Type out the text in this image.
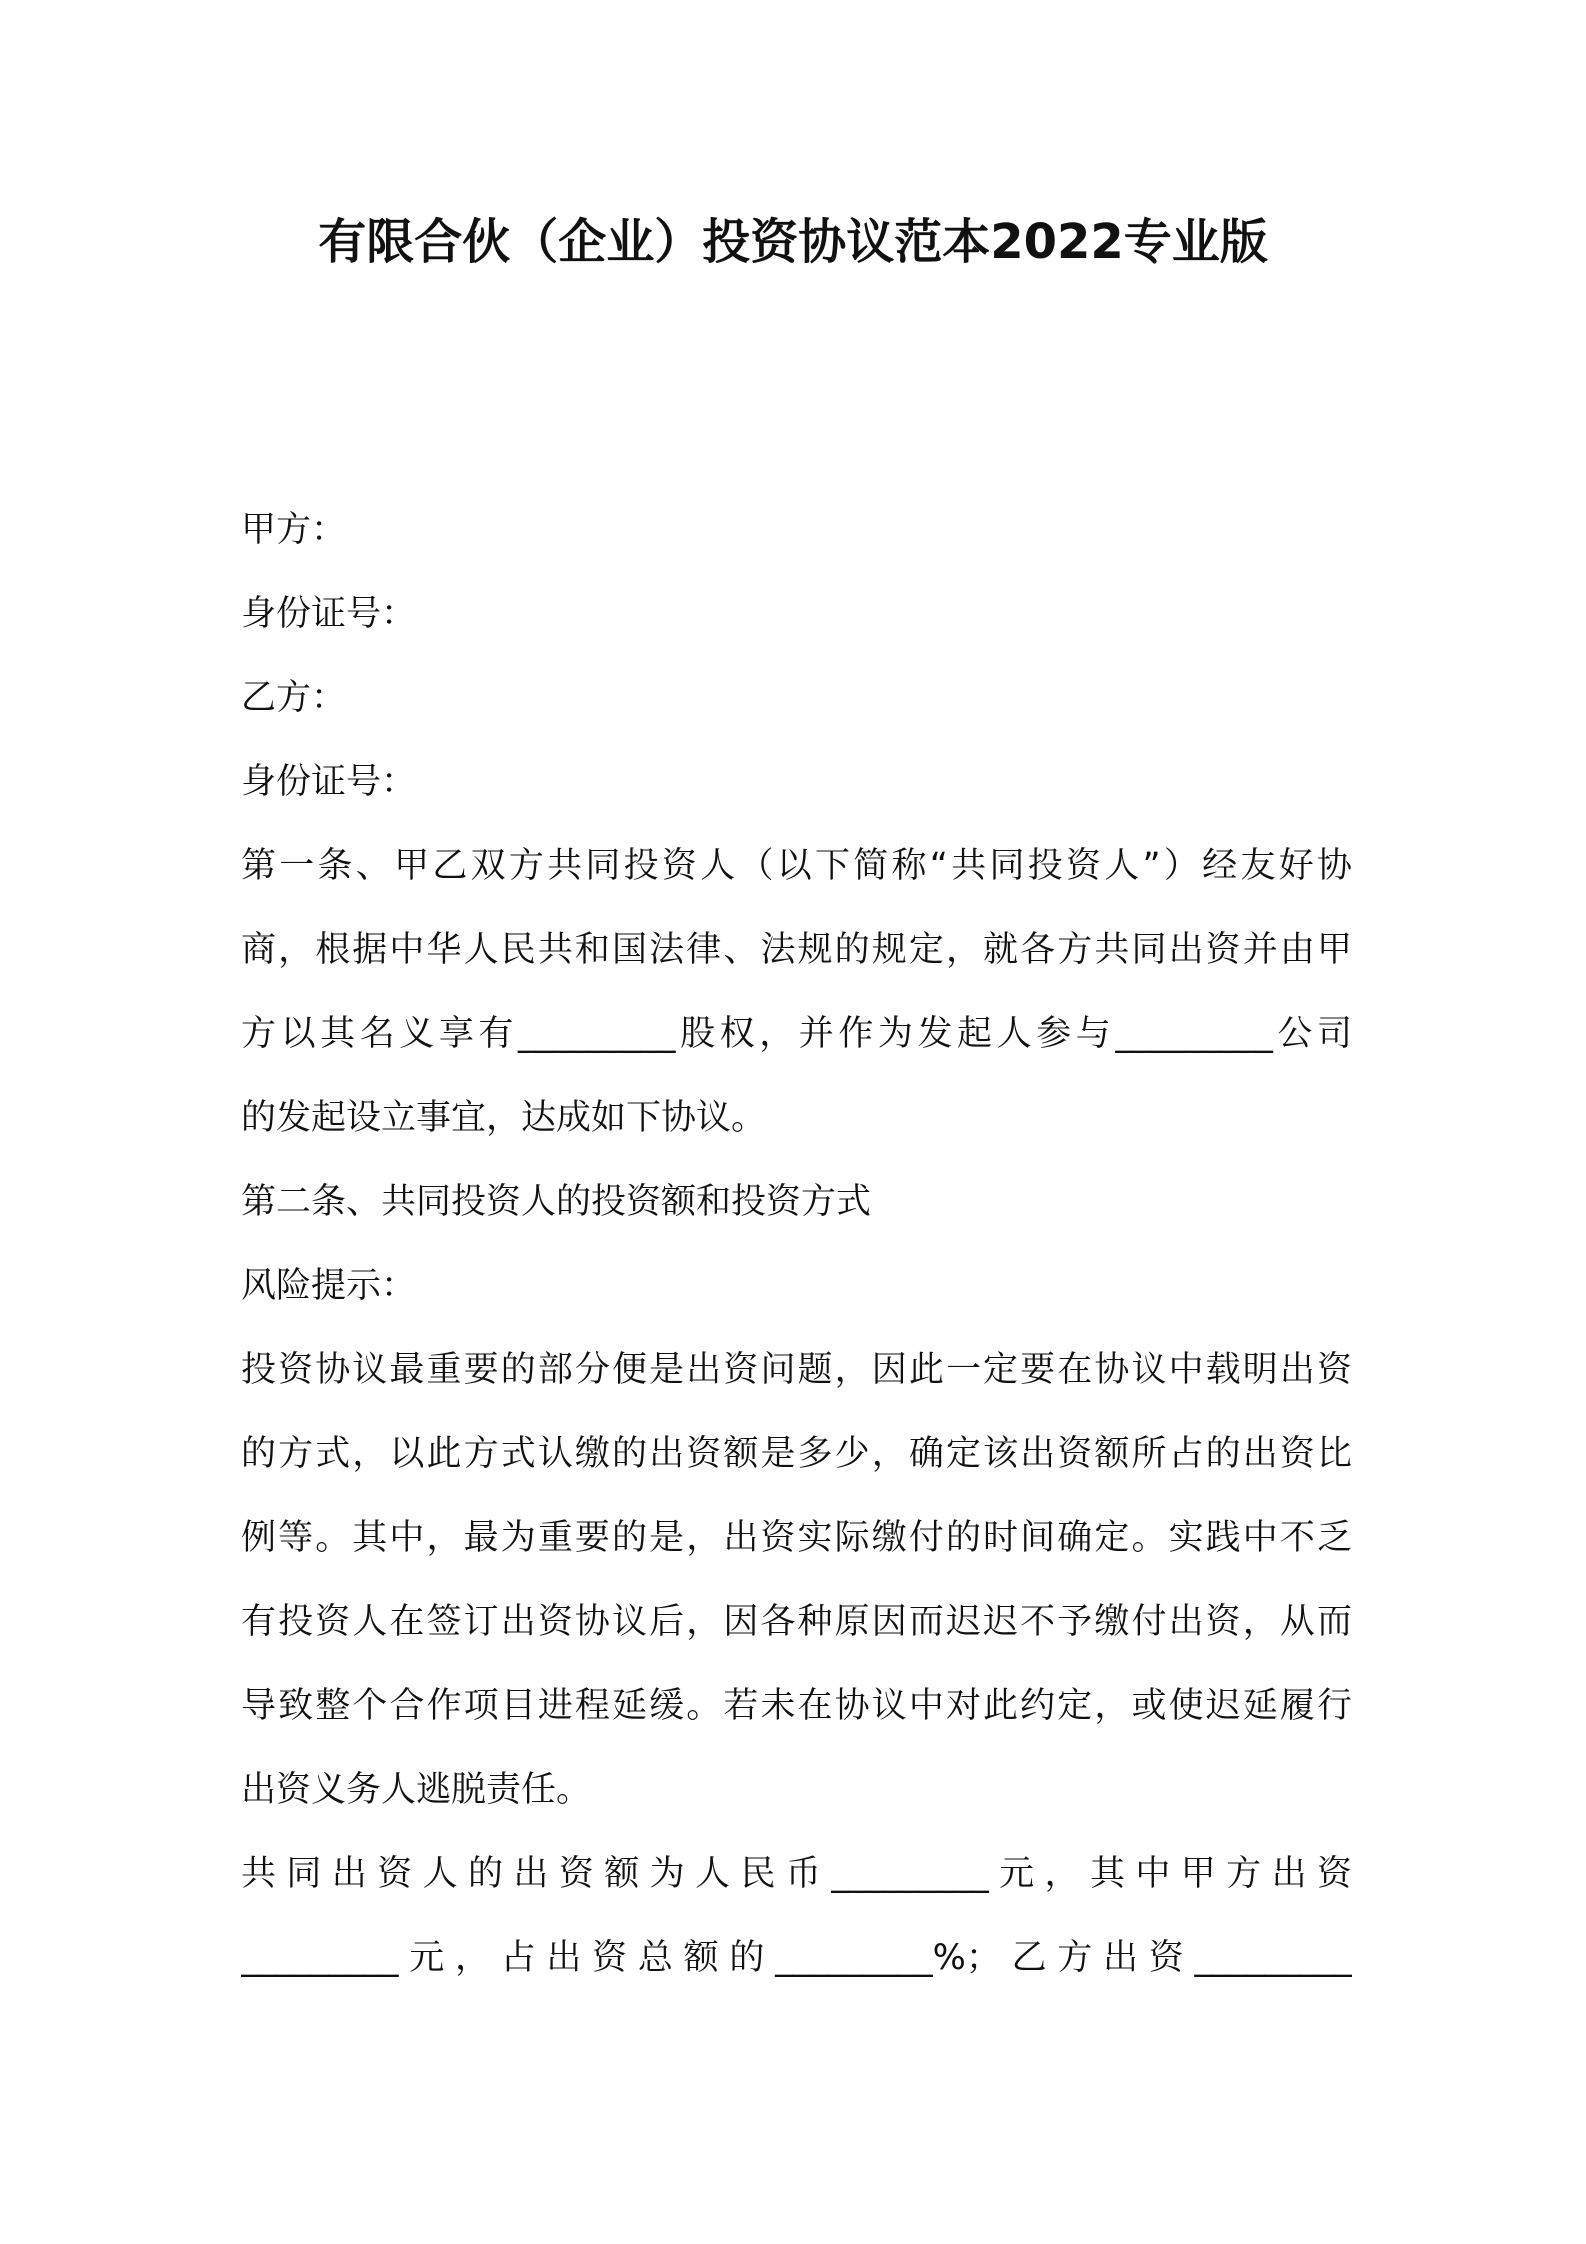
有限合伙（企业）投资协议范本2022专业版
甲方：
身份证号：
乙方：
身份证号：
第一条、甲乙双方共同投资人（以下简称“共同投资人”）经友好协
商，根据中华人民共和国法律、法规的规定，就各方共同出资并由甲
方以其名义享有_________股权，并作为发起人参与_________公司
的发起设立事宜，达成如下协议。
第二条、共同投资人的投资额和投资方式
风险提示：
投资协议最重要的部分便是出资问题，因此一定要在协议中载明出资
的方式，以此方式认缴的出资额是多少，确定该出资额所占的出资比
例等。其中，最为重要的是，出资实际缴付的时间确定。实践中不乏
有投资人在签订出资协议后，因各种原因而迟迟不予缴付出资，从而
导致整个合作项目进程延缓。若未在协议中对此约定，或使迟延履行
出资义务人逃脱责任。
共同出资人的出资额为人民币_________元，其中甲方出资
_________元，占出资总额的_________%；乙方出资_________
